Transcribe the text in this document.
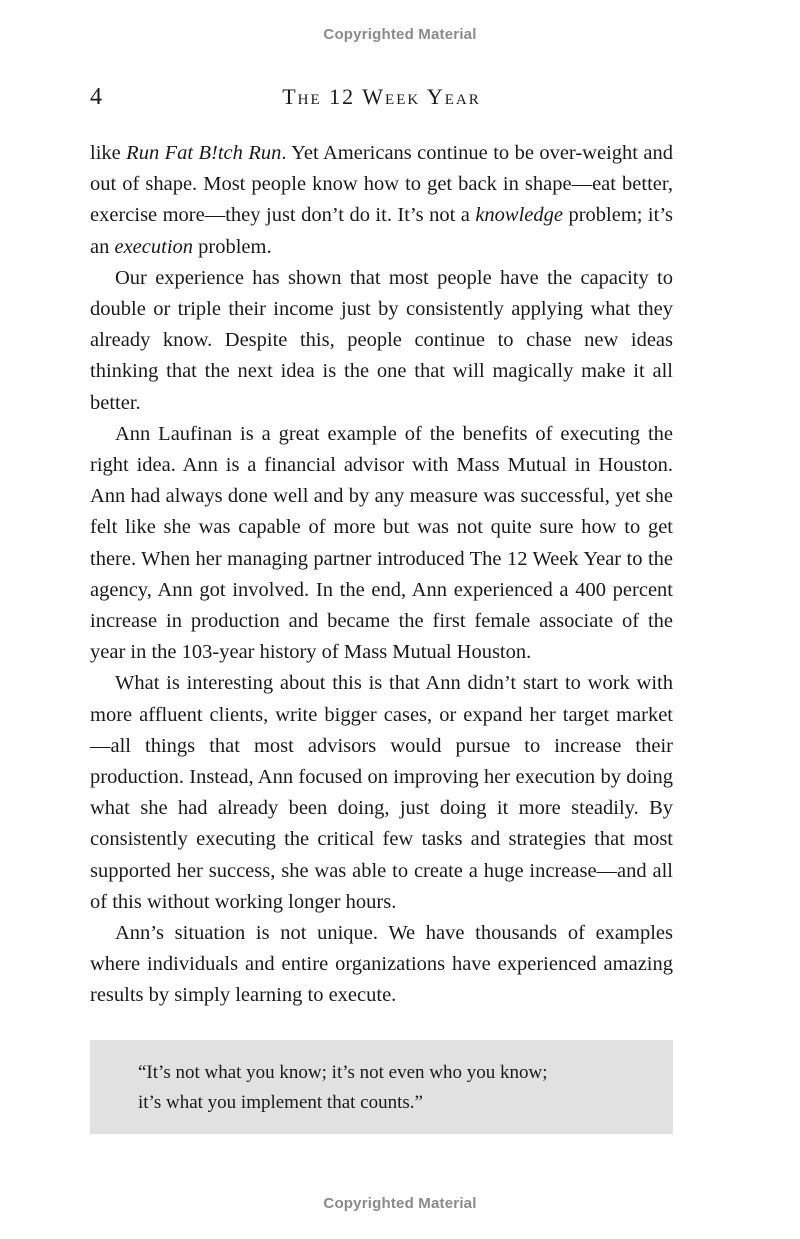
Copyrighted Material
4	The 12 Week Year

like Run Fat B!tch Run. Yet Americans continue to be over-weight and out of shape. Most people know how to get back in shape—eat better, exercise more—they just don’t do it. It’s not a knowledge problem; it’s an execution problem.

Our experience has shown that most people have the capacity to double or triple their income just by consistently applying what they already know. Despite this, people continue to chase new ideas thinking that the next idea is the one that will magically make it all better.

Ann Laufinan is a great example of the benefits of executing the right idea. Ann is a financial advisor with Mass Mutual in Houston. Ann had always done well and by any measure was successful, yet she felt like she was capable of more but was not quite sure how to get there. When her managing partner introduced The 12 Week Year to the agency, Ann got involved. In the end, Ann experienced a 400 percent increase in production and became the first female associate of the year in the 103-year history of Mass Mutual Houston.

What is interesting about this is that Ann didn’t start to work with more affluent clients, write bigger cases, or expand her target market—all things that most advisors would pursue to increase their production. Instead, Ann focused on improving her execution by doing what she had already been doing, just doing it more steadily. By consistently executing the critical few tasks and strategies that most supported her success, she was able to create a huge increase—and all of this without working longer hours.

Ann’s situation is not unique. We have thousands of examples where individuals and entire organizations have experienced amazing results by simply learning to execute.

“It’s not what you know; it’s not even who you know;
it’s what you implement that counts.”
Copyrighted Material
